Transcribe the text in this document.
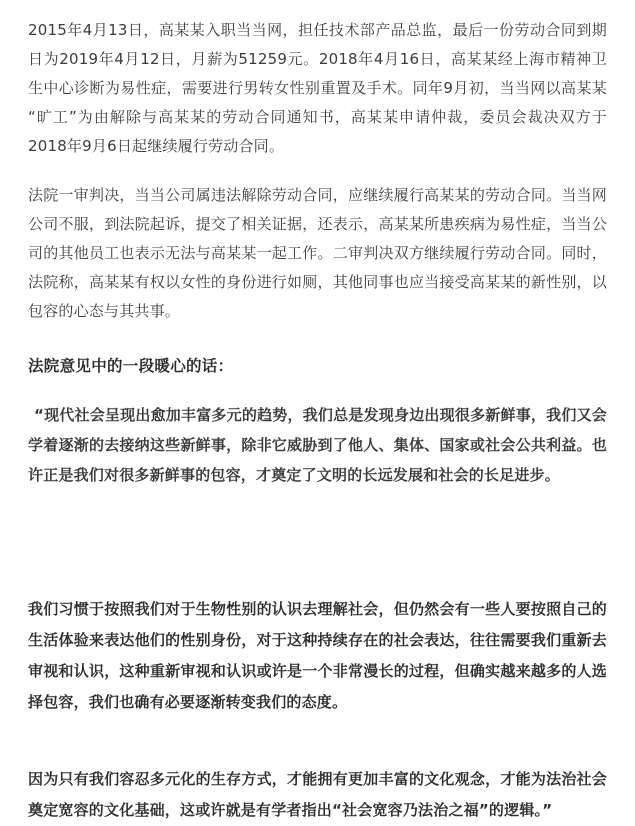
2015年4月13日，高某某入职当当网，担任技术部产品总监，最后一份劳动合同到期日为2019年4月12日，月薪为51259元。2018年4月16日，高某某经上海市精神卫生中心诊断为易性症，需要进行男转女性别重置及手术。同年9月初，当当网以高某某“旷工”为由解除与高某某的劳动合同通知书，高某某申请仲裁，委员会裁决双方于2018年9月6日起继续履行劳动合同。

法院一审判决，当当公司属违法解除劳动合同，应继续履行高某某的劳动合同。当当网公司不服，到法院起诉，提交了相关证据，还表示，高某某所患疾病为易性症，当当公司的其他员工也表示无法与高某某一起工作。二审判决双方继续履行劳动合同。同时，法院称，高某某有权以女性的身份进行如厕，其他同事也应当接受高某某的新性别，以包容的心态与其共事。

法院意见中的一段暖心的话：

“现代社会呈现出愈加丰富多元的趋势，我们总是发现身边出现很多新鲜事，我们又会学着逐渐的去接纳这些新鲜事，除非它威胁到了他人、集体、国家或社会公共利益。也许正是我们对很多新鲜事的包容，才奠定了文明的长远发展和社会的长足进步。

我们习惯于按照我们对于生物性别的认识去理解社会，但仍然会有一些人要按照自己的生活体验来表达他们的性别身份，对于这种持续存在的社会表达，往往需要我们重新去审视和认识，这种重新审视和认识或许是一个非常漫长的过程，但确实越来越多的人选择包容，我们也确有必要逐渐转变我们的态度。

因为只有我们容忍多元化的生存方式，才能拥有更加丰富的文化观念，才能为法治社会奠定宽容的文化基础，这或许就是有学者指出“社会宽容乃法治之福”的逻辑。”
